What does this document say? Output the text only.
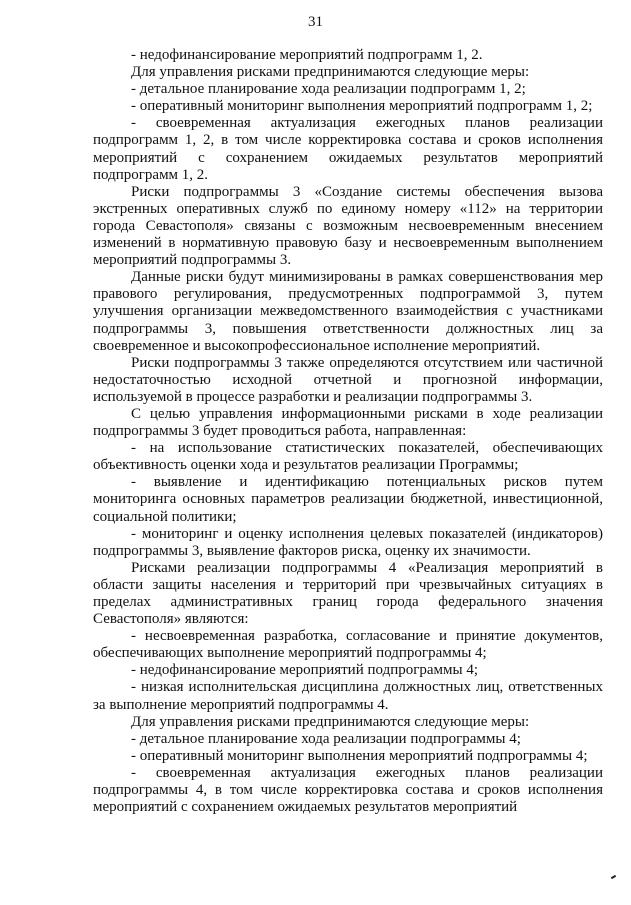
31

- недофинансирование мероприятий подпрограмм 1, 2.

Для управления рисками предпринимаются следующие меры:

- детальное планирование хода реализации подпрограмм 1, 2;

- оперативный мониторинг выполнения мероприятий подпрограмм 1, 2;

- своевременная актуализация ежегодных планов реализации подпрограмм 1, 2, в том числе корректировка состава и сроков исполнения мероприятий с сохранением ожидаемых результатов мероприятий подпрограмм 1, 2.

Риски подпрограммы 3 «Создание системы обеспечения вызова экстренных оперативных служб по единому номеру «112» на территории города Севастополя» связаны с возможным несвоевременным внесением изменений в нормативную правовую базу и несвоевременным выполнением мероприятий подпрограммы 3.

Данные риски будут минимизированы в рамках совершенствования мер правового регулирования, предусмотренных подпрограммой 3, путем улучшения организации межведомственного взаимодействия с участниками подпрограммы 3, повышения ответственности должностных лиц за своевременное и высокопрофессиональное исполнение мероприятий.

Риски подпрограммы 3 также определяются отсутствием или частичной недостаточностью исходной отчетной и прогнозной информации, используемой в процессе разработки и реализации подпрограммы 3.

С целью управления информационными рисками в ходе реализации подпрограммы 3 будет проводиться работа, направленная:

- на использование статистических показателей, обеспечивающих объективность оценки хода и результатов реализации Программы;

- выявление и идентификацию потенциальных рисков путем мониторинга основных параметров реализации бюджетной, инвестиционной, социальной политики;

- мониторинг и оценку исполнения целевых показателей (индикаторов) подпрограммы 3, выявление факторов риска, оценку их значимости.

Рисками реализации подпрограммы 4 «Реализация мероприятий в области защиты населения и территорий при чрезвычайных ситуациях в пределах административных границ города федерального значения Севастополя» являются:

- несвоевременная разработка, согласование и принятие документов, обеспечивающих выполнение мероприятий подпрограммы 4;

- недофинансирование мероприятий подпрограммы 4;

- низкая исполнительская дисциплина должностных лиц, ответственных за выполнение мероприятий подпрограммы 4.

Для управления рисками предпринимаются следующие меры:

- детальное планирование хода реализации подпрограммы 4;

- оперативный мониторинг выполнения мероприятий подпрограммы 4;

- своевременная актуализация ежегодных планов реализации подпрограммы 4, в том числе корректировка состава и сроков исполнения мероприятий с сохранением ожидаемых результатов мероприятий
